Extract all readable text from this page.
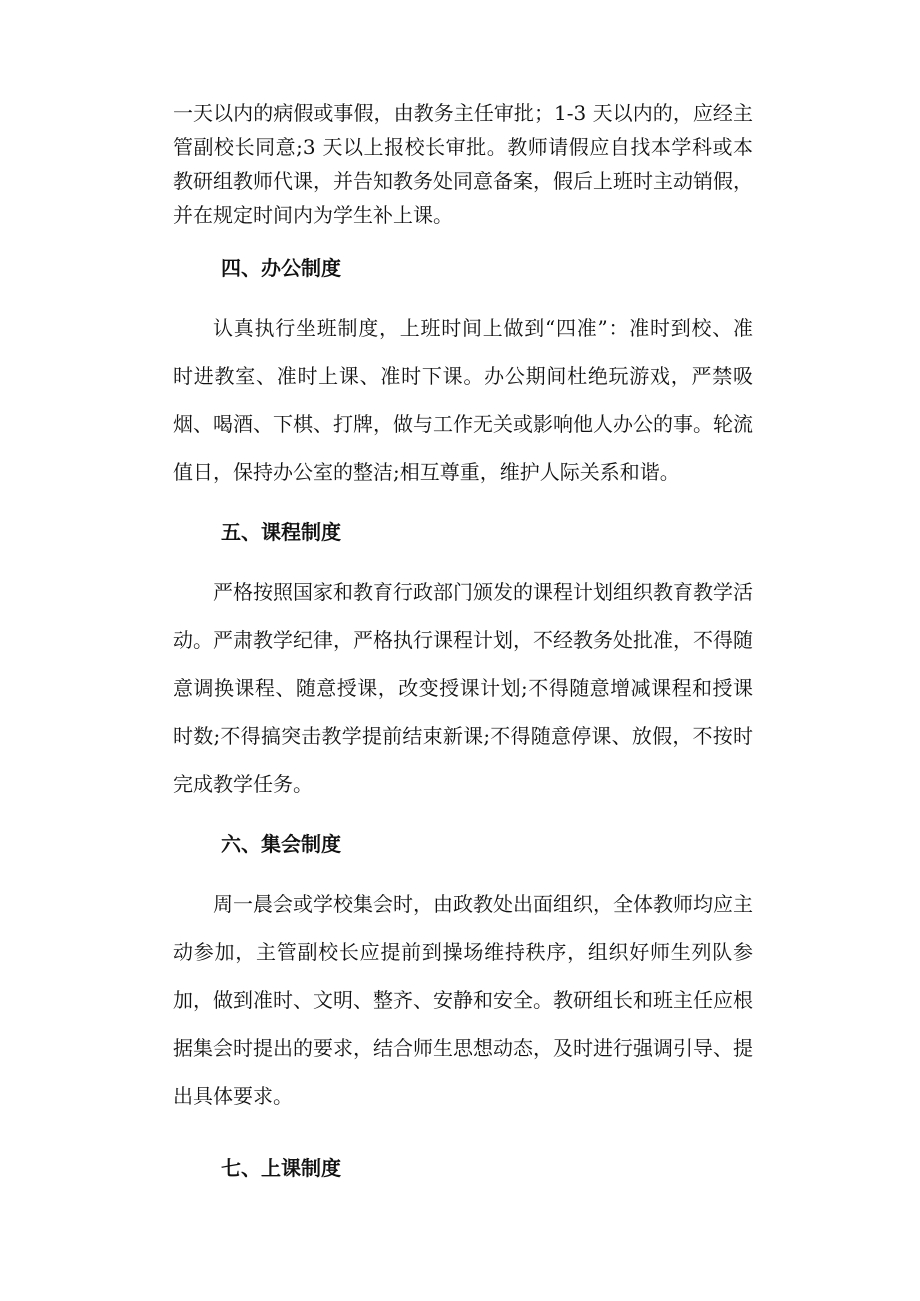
一天以内的病假或事假，由教务主任审批；1-3 天以内的，应经主管副校长同意;3 天以上报校长审批。教师请假应自找本学科或本教研组教师代课，并告知教务处同意备案，假后上班时主动销假，并在规定时间内为学生补上课。

四、办公制度

认真执行坐班制度，上班时间上做到“四准”：准时到校、准时进教室、准时上课、准时下课。办公期间杜绝玩游戏，严禁吸烟、喝酒、下棋、打牌，做与工作无关或影响他人办公的事。轮流值日，保持办公室的整洁;相互尊重，维护人际关系和谐。

五、课程制度

严格按照国家和教育行政部门颁发的课程计划组织教育教学活动。严肃教学纪律，严格执行课程计划，不经教务处批准，不得随意调换课程、随意授课，改变授课计划;不得随意增减课程和授课时数;不得搞突击教学提前结束新课;不得随意停课、放假，不按时完成教学任务。

六、集会制度

周一晨会或学校集会时，由政教处出面组织，全体教师均应主动参加，主管副校长应提前到操场维持秩序，组织好师生列队参加，做到准时、文明、整齐、安静和安全。教研组长和班主任应根据集会时提出的要求，结合师生思想动态，及时进行强调引导、提出具体要求。

七、上课制度
